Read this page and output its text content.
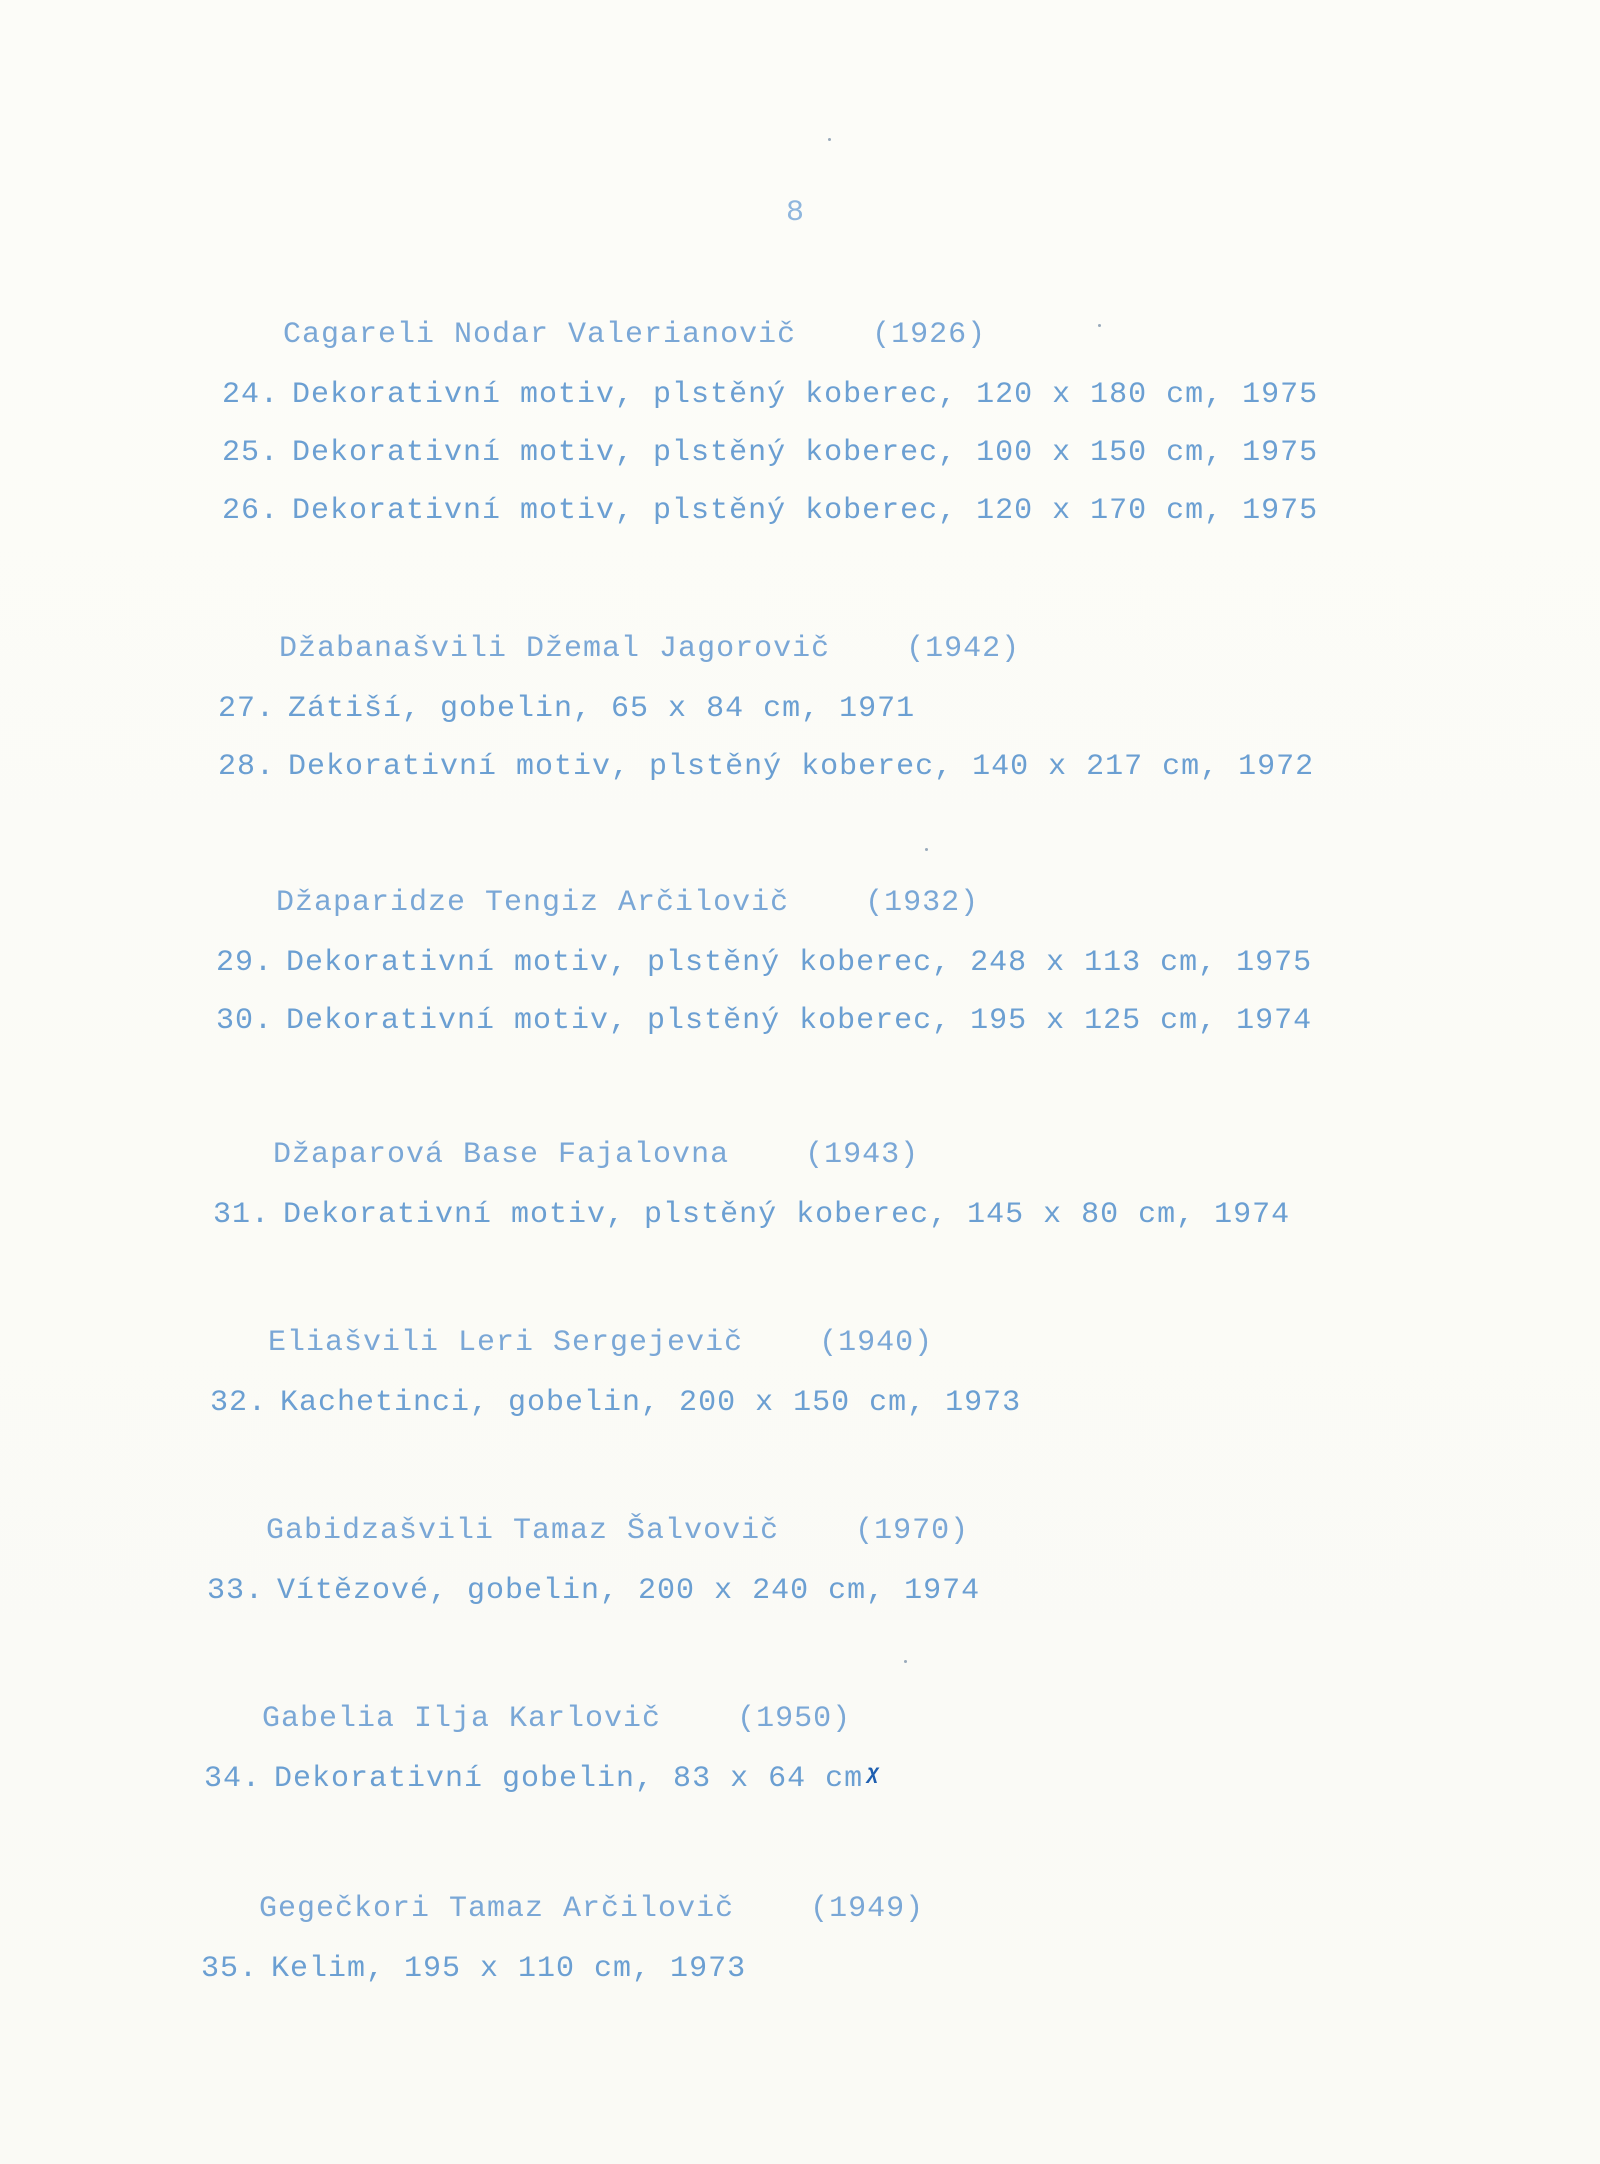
8
Cagareli Nodar Valerianovič	(1926)
24. Dekorativní motiv, plstěný koberec, 120 x 180 cm, 1975
25. Dekorativní motiv, plstěný koberec, 100 x 150 cm, 1975
26. Dekorativní motiv, plstěný koberec, 120 x 170 cm, 1975
Džabanašvili Džemal Jagorovič	(1942)
27. Zátiší, gobelin, 65 x 84 cm, 1971
28. Dekorativní motiv, plstěný koberec, 140 x 217 cm, 1972
Džaparidze Tengiz Arčilovič	(1932)
29. Dekorativní motiv, plstěný koberec, 248 x 113 cm, 1975
30. Dekorativní motiv, plstěný koberec, 195 x 125 cm, 1974
Džaparová Base Fajalovna	(1943)
31. Dekorativní motiv, plstěný koberec, 145 x 80 cm, 1974
Eliašvili Leri Sergejevič	(1940)
32. Kachetinci, gobelin, 200 x 150 cm, 1973
Gabidzašvili Tamaz Šalvovič	(1970)
33. Vítězové, gobelin, 200 x 240 cm, 1974
Gabelia Ilja Karlovič	(1950)
34. Dekorativní gobelin, 83 x 64 cmᵡ
Gegečkori Tamaz Arčilovič	(1949)
35. Kelim, 195 x 110 cm, 1973
